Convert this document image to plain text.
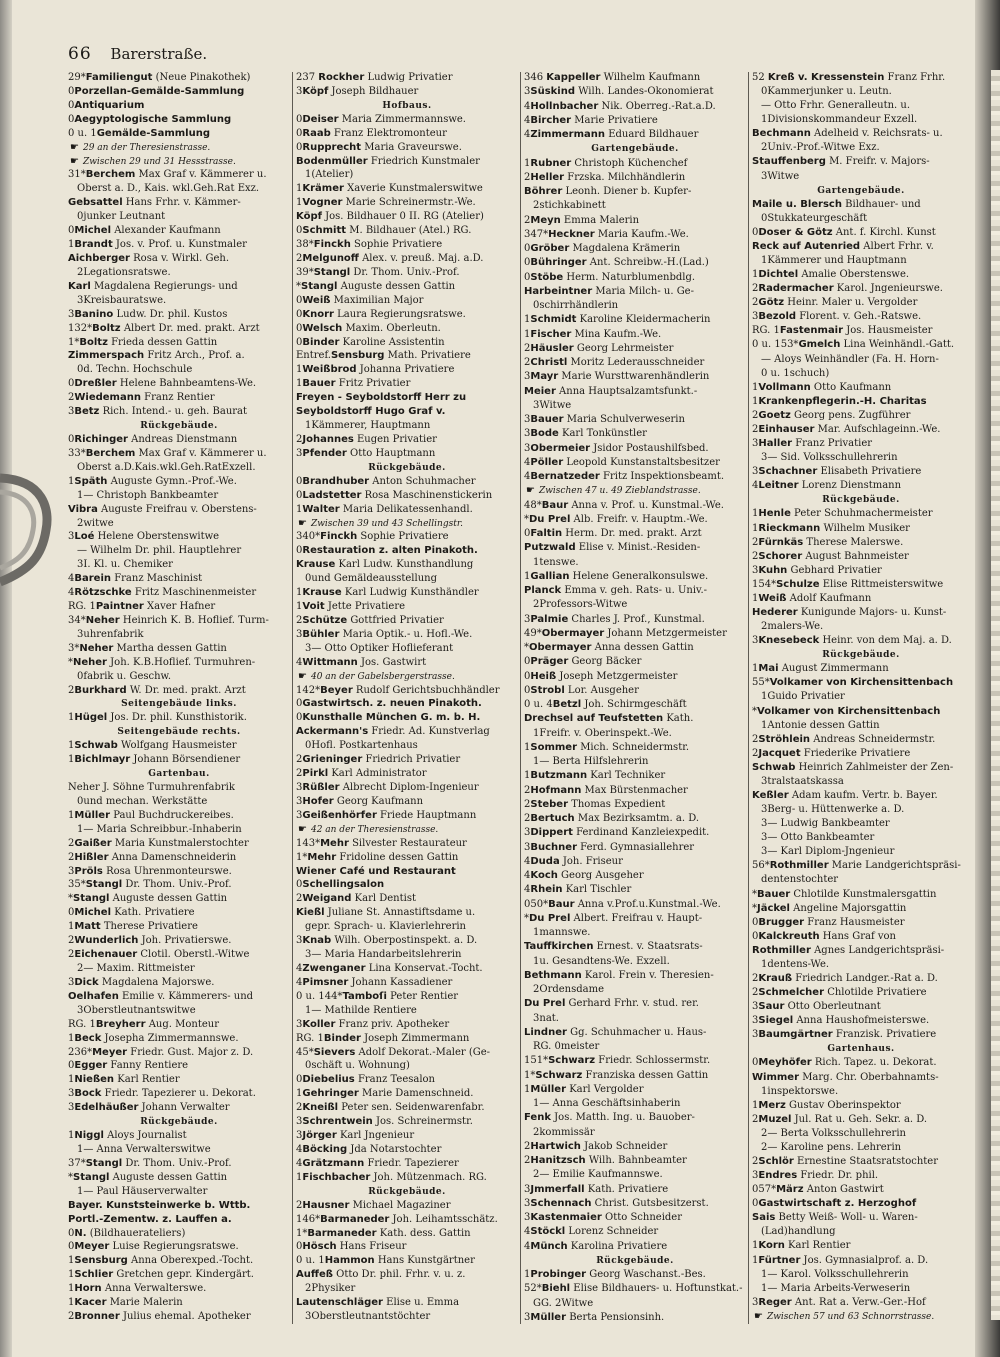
66 Barerstraße.
29*Familiengut (Neue Pinakothek)
0Porzellan-Gemälde-Sammlung
0Antiquarium
0Aegyptologische Sammlung
0 u. 1Gemälde-Sammlung
☛ 29 an der Theresienstrasse.
☛ Zwischen 29 und 31 Hessstrasse.
31*Berchem Max Graf v. Kämmerer u.
Oberst a. D., Kais. wkl.Geh.Rat Exz.
Gebsattel Hans Frhr. v. Kämmer-
0junker Leutnant
0Michel Alexander Kaufmann
1Brandt Jos. v. Prof. u. Kunstmaler
Aichberger Rosa v. Wirkl. Geh.
2Legationsratswe.
Karl Magdalena Regierungs- und
3Kreisbauratswe.
3Banino Ludw. Dr. phil. Kustos
132*Boltz Albert Dr. med. prakt. Arzt
1*Boltz Frieda dessen Gattin
Zimmerspach Fritz Arch., Prof. a.
0d. Techn. Hochschule
0Dreßler Helene Bahnbeamtens-We.
2Wiedemann Franz Rentier
3Betz Rich. Intend.- u. geh. Baurat
Rückgebäude.
0Richinger Andreas Dienstmann
33*Berchem Max Graf v. Kämmerer u.
Oberst a.D.Kais.wkl.Geh.RatExzell.
1Späth Auguste Gymn.-Prof.-We.
1— Christoph Bankbeamter
Vibra Auguste Freifrau v. Oberstens-
2witwe
3Loé Helene Oberstenswitwe
— Wilhelm Dr. phil. Hauptlehrer
3I. Kl. u. Chemiker
4Barein Franz Maschinist
4Rötzschke Fritz Maschinenmeister
RG. 1Paintner Xaver Hafner
34*Neher Heinrich K. B. Hoflief. Turm-
3uhrenfabrik
3*Neher Martha dessen Gattin
*Neher Joh. K.B.Hoflief. Turmuhren-
0fabrik u. Geschw.
2Burkhard W. Dr. med. prakt. Arzt
Seitengebäude links.
1Hügel Jos. Dr. phil. Kunsthistorik.
Seitengebäude rechts.
1Schwab Wolfgang Hausmeister
1Bichlmayr Johann Börsendiener
Gartenbau.
Neher J. Söhne Turmuhrenfabrik
0und mechan. Werkstätte
1Müller Paul Buchdruckereibes.
1— Maria Schreibbur.-Inhaberin
2Gaißer Maria Kunstmalerstochter
2Hißler Anna Damenschneiderin
3Pröls Rosa Uhrenmonteurswe.
35*Stangl Dr. Thom. Univ.-Prof.
*Stangl Auguste dessen Gattin
0Michel Kath. Privatiere
1Matt Therese Privatiere
2Wunderlich Joh. Privatierswe.
2Eichenauer Clotil. Oberstl.-Witwe
2— Maxim. Rittmeister
3Dick Magdalena Majorswe.
Oelhafen Emilie v. Kämmerers- und
3Oberstleutnantswitwe
RG. 1Breyherr Aug. Monteur
1Beck Josepha Zimmermannswe.
236*Meyer Friedr. Gust. Major z. D.
0Egger Fanny Rentiere
1Nießen Karl Rentier
3Bock Friedr. Tapezierer u. Dekorat.
3Edelhäußer Johann Verwalter
Rückgebäude.
1Niggl Aloys Journalist
1— Anna Verwalterswitwe
37*Stangl Dr. Thom. Univ.-Prof.
*Stangl Auguste dessen Gattin
1— Paul Häuserverwalter
Bayer. Kunststeinwerke b. Wttb.
Portl.-Zementw. z. Lauffen a.
0N. (Bildhauerateliers)
0Meyer Luise Regierungsratswe.
1Sensburg Anna Oberexped.-Tocht.
1Schlier Gretchen gepr. Kindergärt.
1Horn Anna Verwalterswe.
1Kacer Marie Malerin
2Bronner Julius ehemal. Apotheker
237 Rockher Ludwig Privatier
3Köpf Joseph Bildhauer
Hofbaus.
0Deiser Maria Zimmermannswe.
0Raab Franz Elektromonteur
0Rupprecht Maria Graveurswe.
Bodenmüller Friedrich Kunstmaler
1(Atelier)
1Krämer Xaverie Kunstmalerswitwe
1Vogner Marie Schreinermstr.-We.
Köpf Jos. Bildhauer 0 II. RG (Atelier)
0Schmitt M. Bildhauer (Atel.) RG.
38*Finckh Sophie Privatiere
2Melgunoff Alex. v. preuß. Maj. a.D.
39*Stangl Dr. Thom. Univ.-Prof.
*Stangl Auguste dessen Gattin
0Weiß Maximilian Major
0Knorr Laura Regierungsratswe.
0Welsch Maxim. Oberleutn.
0Binder Karoline Assistentin
Entref.Sensburg Math. Privatiere
1Weißbrod Johanna Privatiere
1Bauer Fritz Privatier
Freyen - Seyboldstorff Herr zu
Seyboldstorff Hugo Graf v.
1Kämmerer, Hauptmann
2Johannes Eugen Privatier
3Pfender Otto Hauptmann
Rückgebäude.
0Brandhuber Anton Schuhmacher
0Ladstetter Rosa Maschinenstickerin
1Walter Maria Delikatessenhandl.
☛ Zwischen 39 und 43 Schellingstr.
340*Finckh Sophie Privatiere
0Restauration z. alten Pinakoth.
Krause Karl Ludw. Kunsthandlung
0und Gemäldeausstellung
1Krause Karl Ludwig Kunsthändler
1Voit Jette Privatiere
2Schütze Gottfried Privatier
3Bühler Maria Optik.- u. Hofl.-We.
3— Otto Optiker Hoflieferant
4Wittmann Jos. Gastwirt
☛ 40 an der Gabelsbergerstrasse.
142*Beyer Rudolf Gerichtsbuchhändler
0Gastwirtsch. z. neuen Pinakoth.
0Kunsthalle München G. m. b. H.
Ackermann's Friedr. Ad. Kunstverlag
0Hofl. Postkartenhaus
2Grieninger Friedrich Privatier
2Pirkl Karl Administrator
3Rüßler Albrecht Diplom-Ingenieur
3Hofer Georg Kaufmann
3Geißenhörfer Friede Hauptmann
☛ 42 an der Theresienstrasse.
143*Mehr Silvester Restaurateur
1*Mehr Fridoline dessen Gattin
Wiener Café und Restaurant
0Schellingsalon
2Weigand Karl Dentist
Kießl Juliane St. Annastiftsdame u.
gepr. Sprach- u. Klavierlehrerin
3Knab Wilh. Oberpostinspekt. a. D.
3— Maria Handarbeitslehrerin
4Zwenganer Lina Konservat.-Tocht.
4Pimsner Johann Kassadiener
0 u. 144*Tamboſi Peter Rentier
1— Mathilde Rentiere
3Koller Franz priv. Apotheker
RG. 1Binder Joseph Zimmermann
45*Sievers Adolf Dekorat.-Maler (Ge-
0schäft u. Wohnung)
0Diebelius Franz Teesalon
1Gehringer Marie Damenschneid.
2Kneißl Peter sen. Seidenwarenfabr.
3Schrentwein Jos. Schreinermstr.
3Jörger Karl Jngenieur
4Böcking Jda Notarstochter
4Grätzmann Friedr. Tapezierer
1Fischbacher Joh. Mützenmach. RG.
Rückgebäude.
2Hausner Michael Magaziner
146*Barmaneder Joh. Leihamtsschätz.
1*Barmaneder Kath. dess. Gattin
0Hösch Hans Friseur
0 u. 1Hammon Hans Kunstgärtner
Auffeß Otto Dr. phil. Frhr. v. u. z.
2Physiker
Lautenschläger Elise u. Emma
3Oberstleutnantstöchter
346 Kappeller Wilhelm Kaufmann
3Süskind Wilh. Landes-Ökonomierat
4Hollnbacher Nik. Oberreg.-Rat.a.D.
4Bircher Marie Privatiere
4Zimmermann Eduard Bildhauer
Gartengebäude.
1Rubner Christoph Küchenchef
2Heller Frzska. Milchhändlerin
Böhrer Leonh. Diener b. Kupfer-
2stichkabinett
2Meyn Emma Malerin
347*Heckner Maria Kaufm.-We.
0Gröber Magdalena Krämerin
0Bühringer Ant. Schreibw.-H.(Lad.)
0Stöbe Herm. Naturblumenbdlg.
Harbeintner Maria Milch- u. Ge-
0schirrhändlerin
1Schmidt Karoline Kleidermacherin
1Fischer Mina Kaufm.-We.
2Häusler Georg Lehrmeister
2Christl Moritz Lederausschneider
3Mayr Marie Wursttwarenhändlerin
Meier Anna Hauptsalzamtsfunkt.-
3Witwe
3Bauer Maria Schulverweserin
3Bode Karl Tonkünstler
3Obermeier Jsidor Postaushilfsbed.
4Pöller Leopold Kunstanstaltsbesitzer
4Bernatzeder Fritz Inspektionsbeamt.
☛ Zwischen 47 u. 49 Zieblandstrasse.
48*Baur Anna v. Prof. u. Kunstmal.-We.
*Du Prel Alb. Freifr. v. Hauptm.-We.
0Faltin Herm. Dr. med. prakt. Arzt
Putzwald Elise v. Minist.-Residen-
1tenswe.
1Gallian Helene Generalkonsulswe.
Planck Emma v. geh. Rats- u. Univ.-
2Professors-Witwe
3Palmie Charles J. Prof., Kunstmal.
49*Obermayer Johann Metzgermeister
*Obermayer Anna dessen Gattin
0Präger Georg Bäcker
0Heiß Joseph Metzgermeister
0Strobl Lor. Ausgeher
0 u. 4Betzl Joh. Schirmgeschäft
Drechsel auf Teufstetten Kath.
1Freifr. v. Oberinspekt.-We.
1Sommer Mich. Schneidermstr.
1— Berta Hilfslehrerin
1Butzmann Karl Techniker
2Hofmann Max Bürstenmacher
2Steber Thomas Expedient
2Bertuch Max Bezirksamtm. a. D.
3Dippert Ferdinand Kanzleiexpedit.
3Buchner Ferd. Gymnasiallehrer
4Duda Joh. Friseur
4Koch Georg Ausgeher
4Rhein Karl Tischler
050*Baur Anna v.Prof.u.Kunstmal.-We.
*Du Prel Albert. Freifrau v. Haupt-
1mannswe.
Tauffkirchen Ernest. v. Staatsrats-
1u. Gesandtens-We. Exzell.
Bethmann Karol. Frein v. Theresien-
2Ordensdame
Du Prel Gerhard Frhr. v. stud. rer.
3nat.
Lindner Gg. Schuhmacher u. Haus-
RG. 0meister
151*Schwarz Friedr. Schlossermstr.
1*Schwarz Franziska dessen Gattin
1Müller Karl Vergolder
1— Anna Geschäftsinhaberin
Fenk Jos. Matth. Ing. u. Bauober-
2kommissär
2Hartwich Jakob Schneider
2Hanitzsch Wilh. Bahnbeamter
2— Emilie Kaufmannswe.
3Jmmerfall Kath. Privatiere
3Schennach Christ. Gutsbesitzerst.
3Kastenmaier Otto Schneider
4Stöckl Lorenz Schneider
4Münch Karolina Privatiere
Rückgebäude.
1Probinger Georg Waschanst.-Bes.
52*Biehl Elise Bildhauers- u. Hoftunstkat.-
GG. 2Witwe
3Müller Berta Pensionsinh.
52 Kreß v. Kressenstein Franz Frhr.
0Kammerjunker u. Leutn.
— Otto Frhr. Generalleutn. u.
1Divisionskommandeur Exzell.
Bechmann Adelheid v. Reichsrats- u.
2Univ.-Prof.-Witwe Exz.
Stauffenberg M. Freifr. v. Majors-
3Witwe
Gartengebäude.
Maile u. Blersch Bildhauer- und
0Stukkateurgeschäft
0Doser & Götz Ant. f. Kirchl. Kunst
Reck auf Autenried Albert Frhr. v.
1Kämmerer und Hauptmann
1Dichtel Amalie Oberstenswe.
2Radermacher Karol. Jngenieurswe.
2Götz Heinr. Maler u. Vergolder
3Bezold Florent. v. Geh.-Ratswe.
RG. 1Fastenmair Jos. Hausmeister
0 u. 153*Gmelch Lina Weinhändl.-Gatt.
— Aloys Weinhändler (Fa. H. Horn-
0 u. 1schuch)
1Vollmann Otto Kaufmann
1Krankenpflegerin.-H. Charitas
2Goetz Georg pens. Zugführer
2Einhauser Mar. Aufschlageinn.-We.
3Haller Franz Privatier
3— Sid. Volksschullehrerin
3Schachner Elisabeth Privatiere
4Leitner Lorenz Dienstmann
Rückgebäude.
1Henle Peter Schuhmachermeister
1Rieckmann Wilhelm Musiker
2Fürnkäs Therese Malerswe.
2Schorer August Bahnmeister
3Kuhn Gebhard Privatier
154*Schulze Elise Rittmeisterswitwe
1Weiß Adolf Kaufmann
Hederer Kunigunde Majors- u. Kunst-
2malers-We.
3Knesebeck Heinr. von dem Maj. a. D.
Rückgebäude.
1Mai August Zimmermann
55*Volkamer von Kirchensittenbach
1Guido Privatier
*Volkamer von Kirchensittenbach
1Antonie dessen Gattin
2Ströhlein Andreas Schneidermstr.
2Jacquet Friederike Privatiere
Schwab Heinrich Zahlmeister der Zen-
3tralstaatskassa
Keßler Adam kaufm. Vertr. b. Bayer.
3Berg- u. Hüttenwerke a. D.
3— Ludwig Bankbeamter
3— Otto Bankbeamter
3— Karl Diplom-Jngenieur
56*Rothmiller Marie Landgerichtspräsi-
dentenstochter
*Bauer Chlotilde Kunstmalersgattin
*Jäckel Angeline Majorsgattin
0Brugger Franz Hausmeister
0Kalckreuth Hans Graf von
Rothmiller Agnes Landgerichtspräsi-
1dentens-We.
2Krauß Friedrich Landger.-Rat a. D.
2Schmelcher Chlotilde Privatiere
3Saur Otto Oberleutnant
3Siegel Anna Haushofmeisterswe.
3Baumgärtner Franzisk. Privatiere
Gartenhaus.
0Meyhöfer Rich. Tapez. u. Dekorat.
Wimmer Marg. Chr. Oberbahnamts-
1inspektorswe.
1Merz Gustav Oberinspektor
2Muzel Jul. Rat u. Geh. Sekr. a. D.
2— Berta Volksschullehrerin
2— Karoline pens. Lehrerin
2Schlör Ernestine Staatsratstochter
3Endres Friedr. Dr. phil.
057*März Anton Gastwirt
0Gastwirtschaft z. Herzoghof
Sais Betty Weiß- Woll- u. Waren-
(Lad)handlung
1Korn Karl Rentier
1Fürtner Jos. Gymnasialprof. a. D.
1— Karol. Volksschullehrerin
1— Maria Arbeits-Verweserin
3Reger Ant. Rat a. Verw.-Ger.-Hof
☛ Zwischen 57 und 63 Schnorrstrasse.
